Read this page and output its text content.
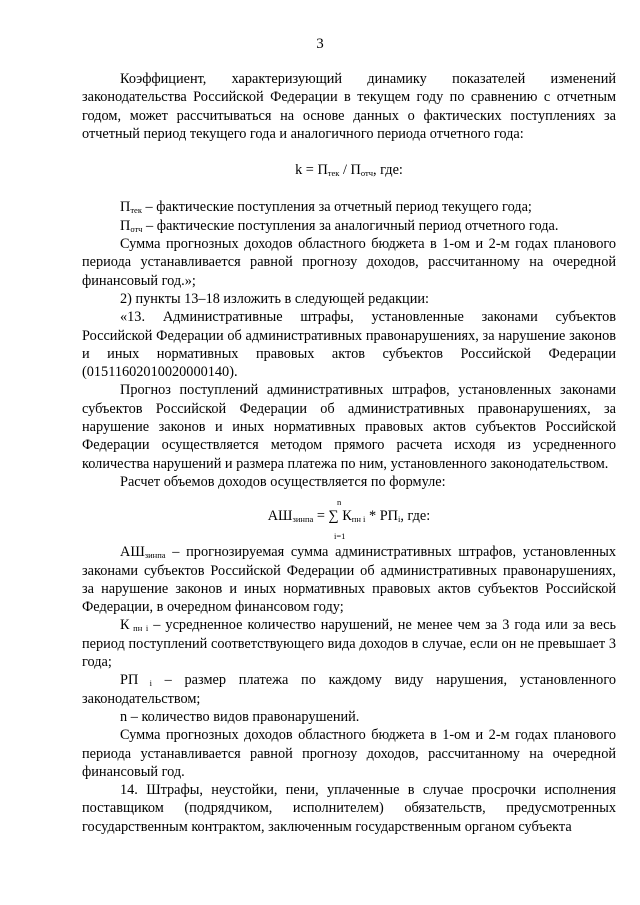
3

Коэффициент, характеризующий динамику показателей изменений законодательства Российской Федерации в текущем году по сравнению с отчетным годом, может рассчитываться на основе данных о фактических поступлениях за отчетный период текущего года и аналогичного периода отчетного года:

$k = П_{тек} / П_{отч}$, где:

$П_{тек}$ – фактические поступления за отчетный период текущего года;

$П_{отч}$ – фактические поступления за аналогичный период отчетного года.

Сумма прогнозных доходов областного бюджета в 1-ом и 2-м годах планового периода устанавливается равной прогнозу доходов, рассчитанному на очередной финансовый год.»;

2) пункты 13–18 изложить в следующей редакции:

«13. Административные штрафы, установленные законами субъектов Российской Федерации об административных правонарушениях, за нарушение законов и иных нормативных правовых актов субъектов Российской Федерации (01511602010020000140).

Прогноз поступлений административных штрафов, установленных законами субъектов Российской Федерации об административных правонарушениях, за нарушение законов и иных нормативных правовых актов субъектов Российской Федерации осуществляется методом прямого расчета исходя из усредненного количества нарушений и размера платежа по ним, установленного законодательством.

Расчет объемов доходов осуществляется по формуле:

n
$АШ_{зинпа}$ = ∑ $К_{пн i} * РП_i$, где:
i=1

$АШ_{зинпа}$ – прогнозируемая сумма административных штрафов, установленных законами субъектов Российской Федерации об административных правонарушениях, за нарушение законов и иных нормативных правовых актов субъектов Российской Федерации, в очередном финансовом году;

К $_{пн i}$ – усредненное количество нарушений, не менее чем за 3 года или за весь период поступлений соответствующего вида доходов в случае, если он не превышает 3 года;

РП $_i$ – размер платежа по каждому виду нарушения, установленного законодательством;

n – количество видов правонарушений.

Сумма прогнозных доходов областного бюджета в 1-ом и 2-м годах планового периода устанавливается равной прогнозу доходов, рассчитанному на очередной финансовый год.

14. Штрафы, неустойки, пени, уплаченные в случае просрочки исполнения поставщиком (подрядчиком, исполнителем) обязательств, предусмотренных государственным контрактом, заключенным государственным органом субъекта
